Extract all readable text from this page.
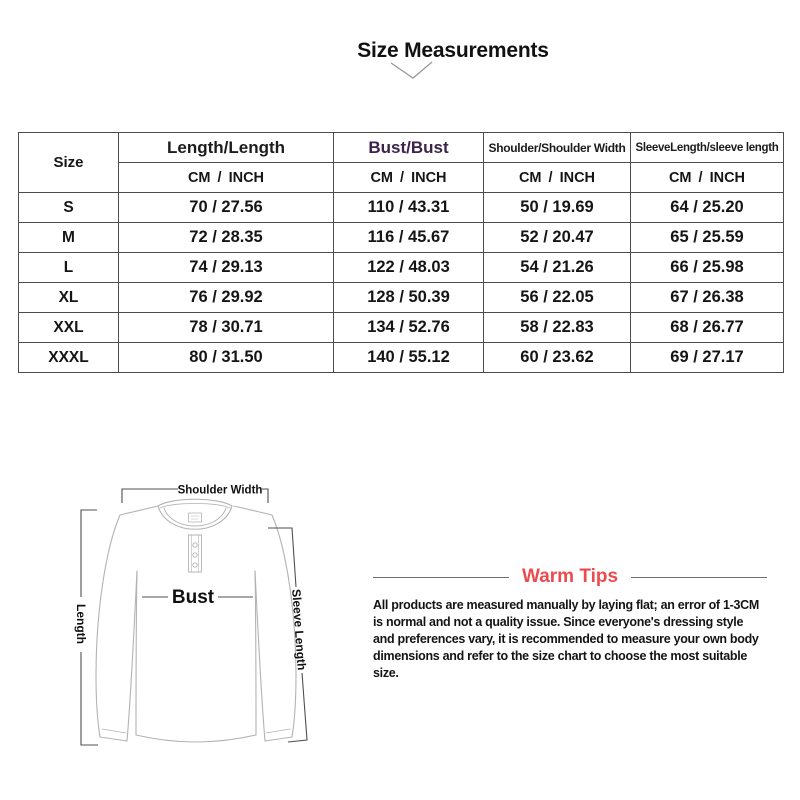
Size Measurements
Size	Length/Length	Bust/Bust	Shoulder/Shoulder Width	SleeveLength/sleeve length
	CM / INCH	CM / INCH	CM / INCH	CM / INCH
S	70 / 27.56	110 / 43.31	50 / 19.69	64 / 25.20
M	72 / 28.35	116 / 45.67	52 / 20.47	65 / 25.59
L	74 / 29.13	122 / 48.03	54 / 21.26	66 / 25.98
XL	76 / 29.92	128 / 50.39	56 / 22.05	67 / 26.38
XXL	78 / 30.71	134 / 52.76	58 / 22.83	68 / 26.77
XXXL	80 / 31.50	140 / 55.12	60 / 23.62	69 / 27.17
Shoulder Width
Length
Bust	Sleeve Length
Warm Tips
All products are measured manually by laying flat; an error of 1-3CM is normal and not a quality issue. Since everyone's dressing style and preferences vary, it is recommended to measure your own body dimensions and refer to the size chart to choose the most suitable size.
